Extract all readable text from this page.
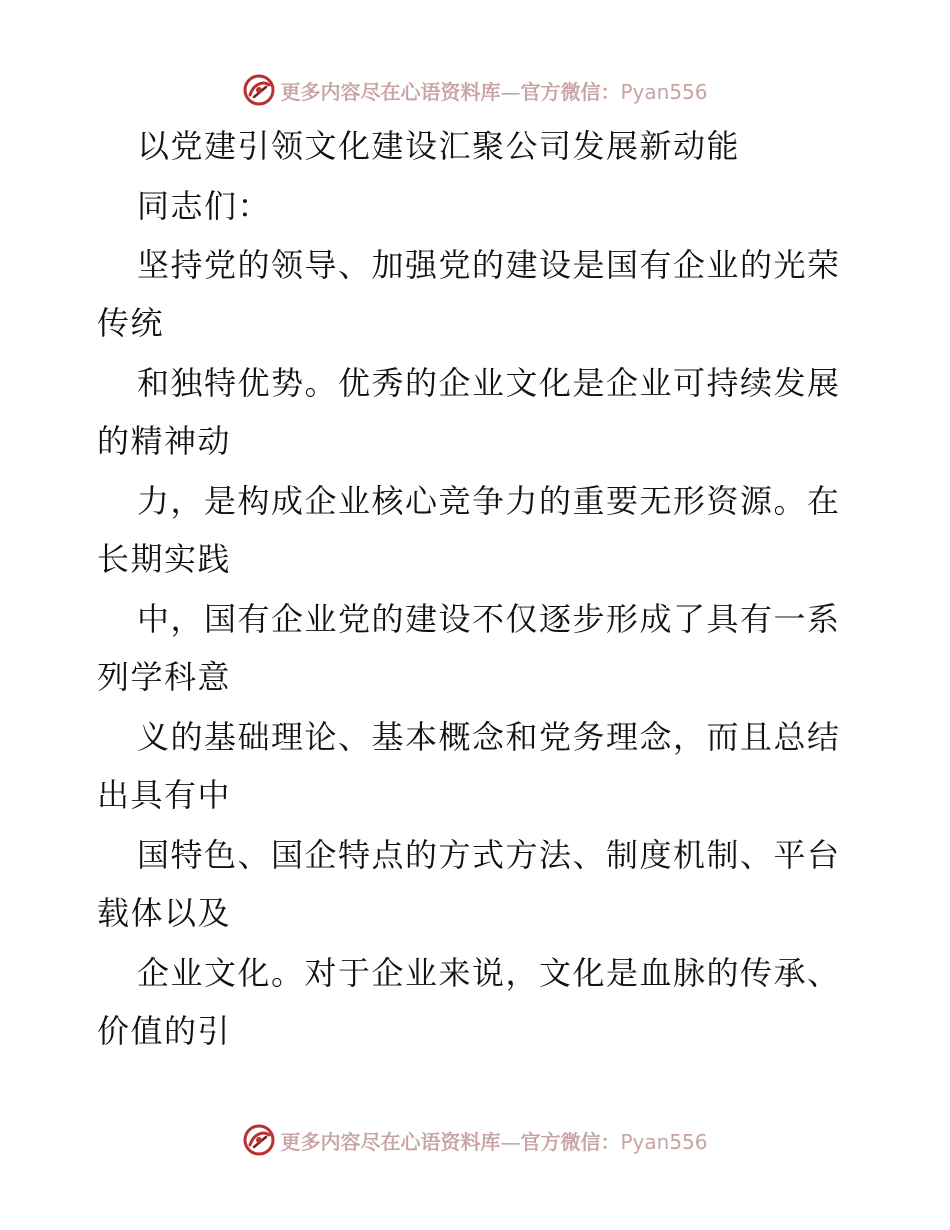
更多内容尽在心语资料库—官方微信：Pyan556
以党建引领文化建设汇聚公司发展新动能
同志们：
坚持党的领导、加强党的建设是国有企业的光荣
传统
和独特优势。优秀的企业文化是企业可持续发展
的精神动
力，是构成企业核心竞争力的重要无形资源。在
长期实践
中，国有企业党的建设不仅逐步形成了具有一系
列学科意
义的基础理论、基本概念和党务理念，而且总结
出具有中
国特色、国企特点的方式方法、制度机制、平台
载体以及
企业文化。对于企业来说，文化是血脉的传承、
价值的引
更多内容尽在心语资料库—官方微信：Pyan556
